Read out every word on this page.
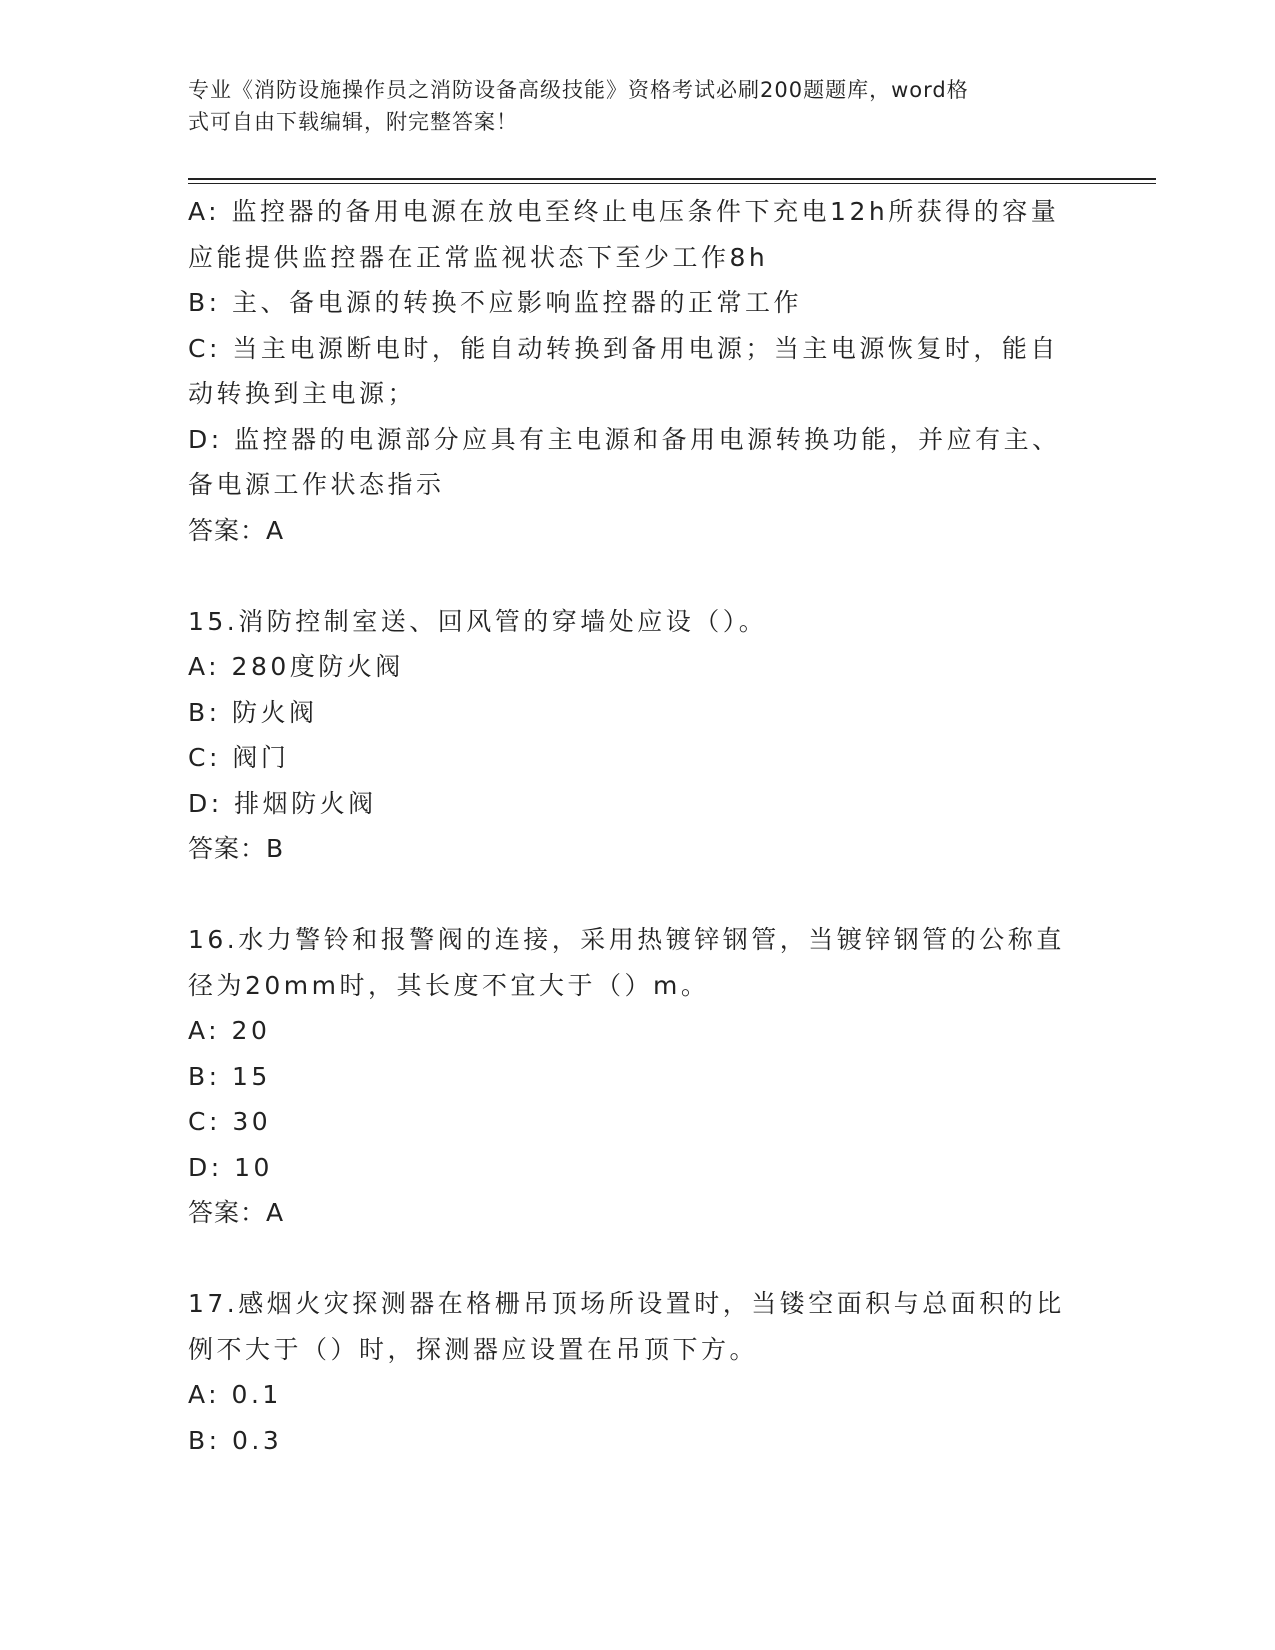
专业《消防设施操作员之消防设备高级技能》资格考试必刷200题题库，word格
式可自由下载编辑，附完整答案！
A: 监控器的备用电源在放电至终止电压条件下充电12h所获得的容量
应能提供监控器在正常监视状态下至少工作8h
B: 主、备电源的转换不应影响监控器的正常工作
C: 当主电源断电时，能自动转换到备用电源；当主电源恢复时，能自
动转换到主电源；
D: 监控器的电源部分应具有主电源和备用电源转换功能，并应有主、
备电源工作状态指示
答案：A
15.消防控制室送、回风管的穿墙处应设（）。
A: 280度防火阀
B: 防火阀
C: 阀门
D: 排烟防火阀
答案：B
16.水力警铃和报警阀的连接，采用热镀锌钢管，当镀锌钢管的公称直
径为20mm时，其长度不宜大于（）m。
A: 20
B: 15
C: 30
D: 10
答案：A
17.感烟火灾探测器在格栅吊顶场所设置时，当镂空面积与总面积的比
例不大于（）时，探测器应设置在吊顶下方。
A: 0.1
B: 0.3
